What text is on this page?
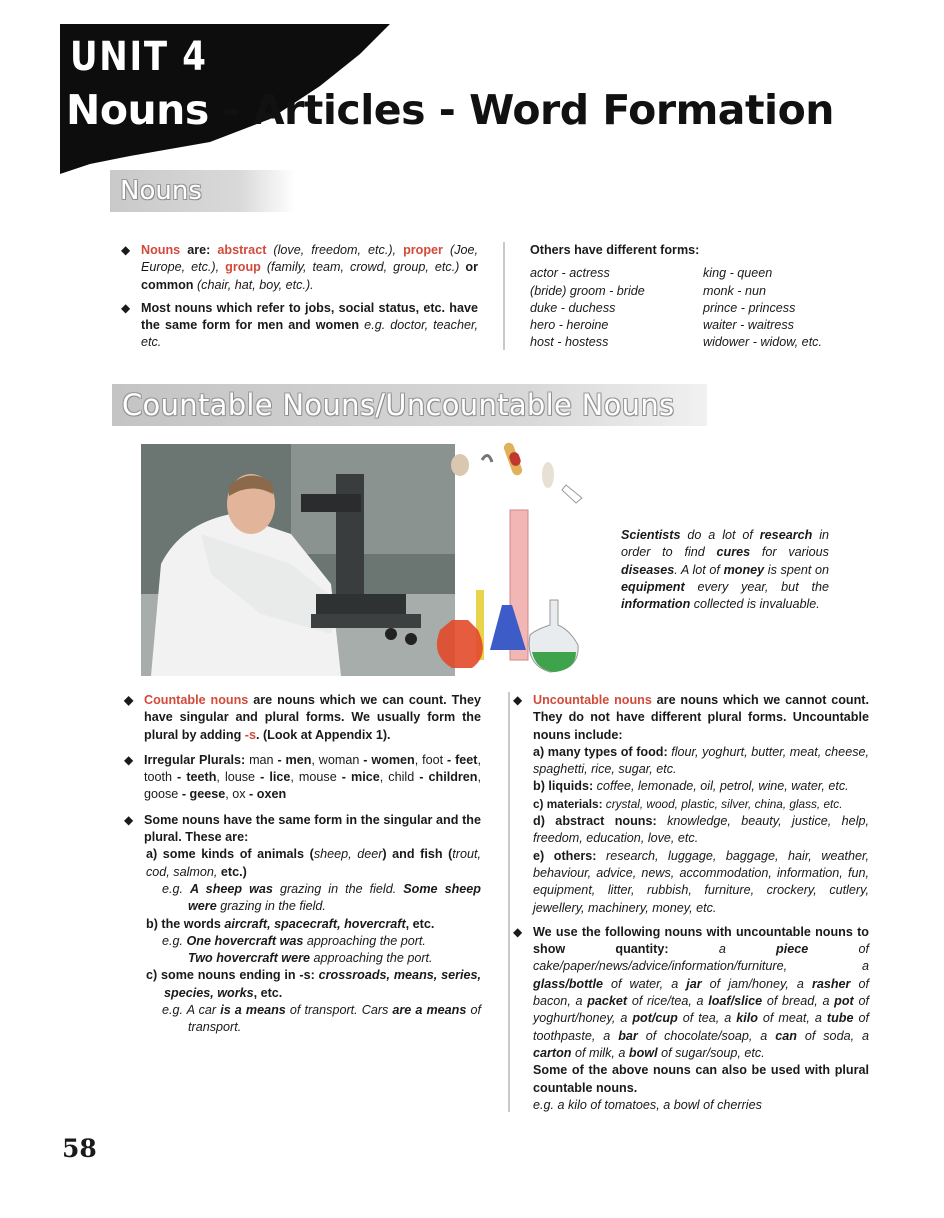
UNIT 4
Nouns - Articles - Word Formation
Nouns
◆ Nouns are: abstract (love, freedom, etc.), proper (Joe, Europe, etc.), group (family, team, crowd, group, etc.) or common (chair, hat, boy, etc.).
◆ Most nouns which refer to jobs, social status, etc. have the same form for men and women e.g. doctor, teacher, etc.

Others have different forms:

actor - actress	king - queen
(bride) groom - bride	monk - nun
duke - duchess	prince - princess
hero - heroine	waiter - waitress
host - hostess	widower - widow, etc.
Countable Nouns/Uncountable Nouns
Scientists do a lot of research in order to find cures for various diseases. A lot of money is spent on equipment every year, but the information collected is invaluable.
◆ Countable nouns are nouns which we can count. They have singular and plural forms. We usually form the plural by adding -s. (Look at Appendix 1).
◆ Irregular Plurals: man - men, woman - women, foot - feet, tooth - teeth, louse - lice, mouse - mice, child - children, goose - geese, ox - oxen
◆ Some nouns have the same form in the singular and the plural. These are:
a) some kinds of animals (sheep, deer) and fish (trout, cod, salmon, etc.)
e.g. A sheep was grazing in the field. Some sheep were grazing in the field.
b) the words aircraft, spacecraft, hovercraft, etc.
e.g. One hovercraft was approaching the port.
Two hovercraft were approaching the port.
c) some nouns ending in -s: crossroads, means, series, species, works, etc.
e.g. A car is a means of transport. Cars are a means of transport.
◆ Uncountable nouns are nouns which we cannot count. They do not have different plural forms. Uncountable nouns include:
a) many types of food: flour, yoghurt, butter, meat, cheese, spaghetti, rice, sugar, etc.
b) liquids: coffee, lemonade, oil, petrol, wine, water, etc.
c) materials: crystal, wood, plastic, silver, china, glass, etc.
d) abstract nouns: knowledge, beauty, justice, help, freedom, education, love, etc.
e) others: research, luggage, baggage, hair, weather, behaviour, advice, news, accommodation, information, fun, equipment, litter, rubbish, furniture, crockery, cutlery, jewellery, machinery, money, etc.
◆ We use the following nouns with uncountable nouns to show quantity:	a piece of cake/paper/news/advice/information/furniture, a glass/bottle of water, a jar of jam/honey, a rasher of bacon, a packet of rice/tea, a loaf/slice of bread, a pot of yoghurt/honey, a pot/cup of tea, a kilo of meat, a tube of toothpaste, a bar of chocolate/soap, a can of soda, a carton of milk, a bowl of sugar/soup, etc.
Some of the above nouns can also be used with plural countable nouns.
e.g. a kilo of tomatoes, a bowl of cherries
58
